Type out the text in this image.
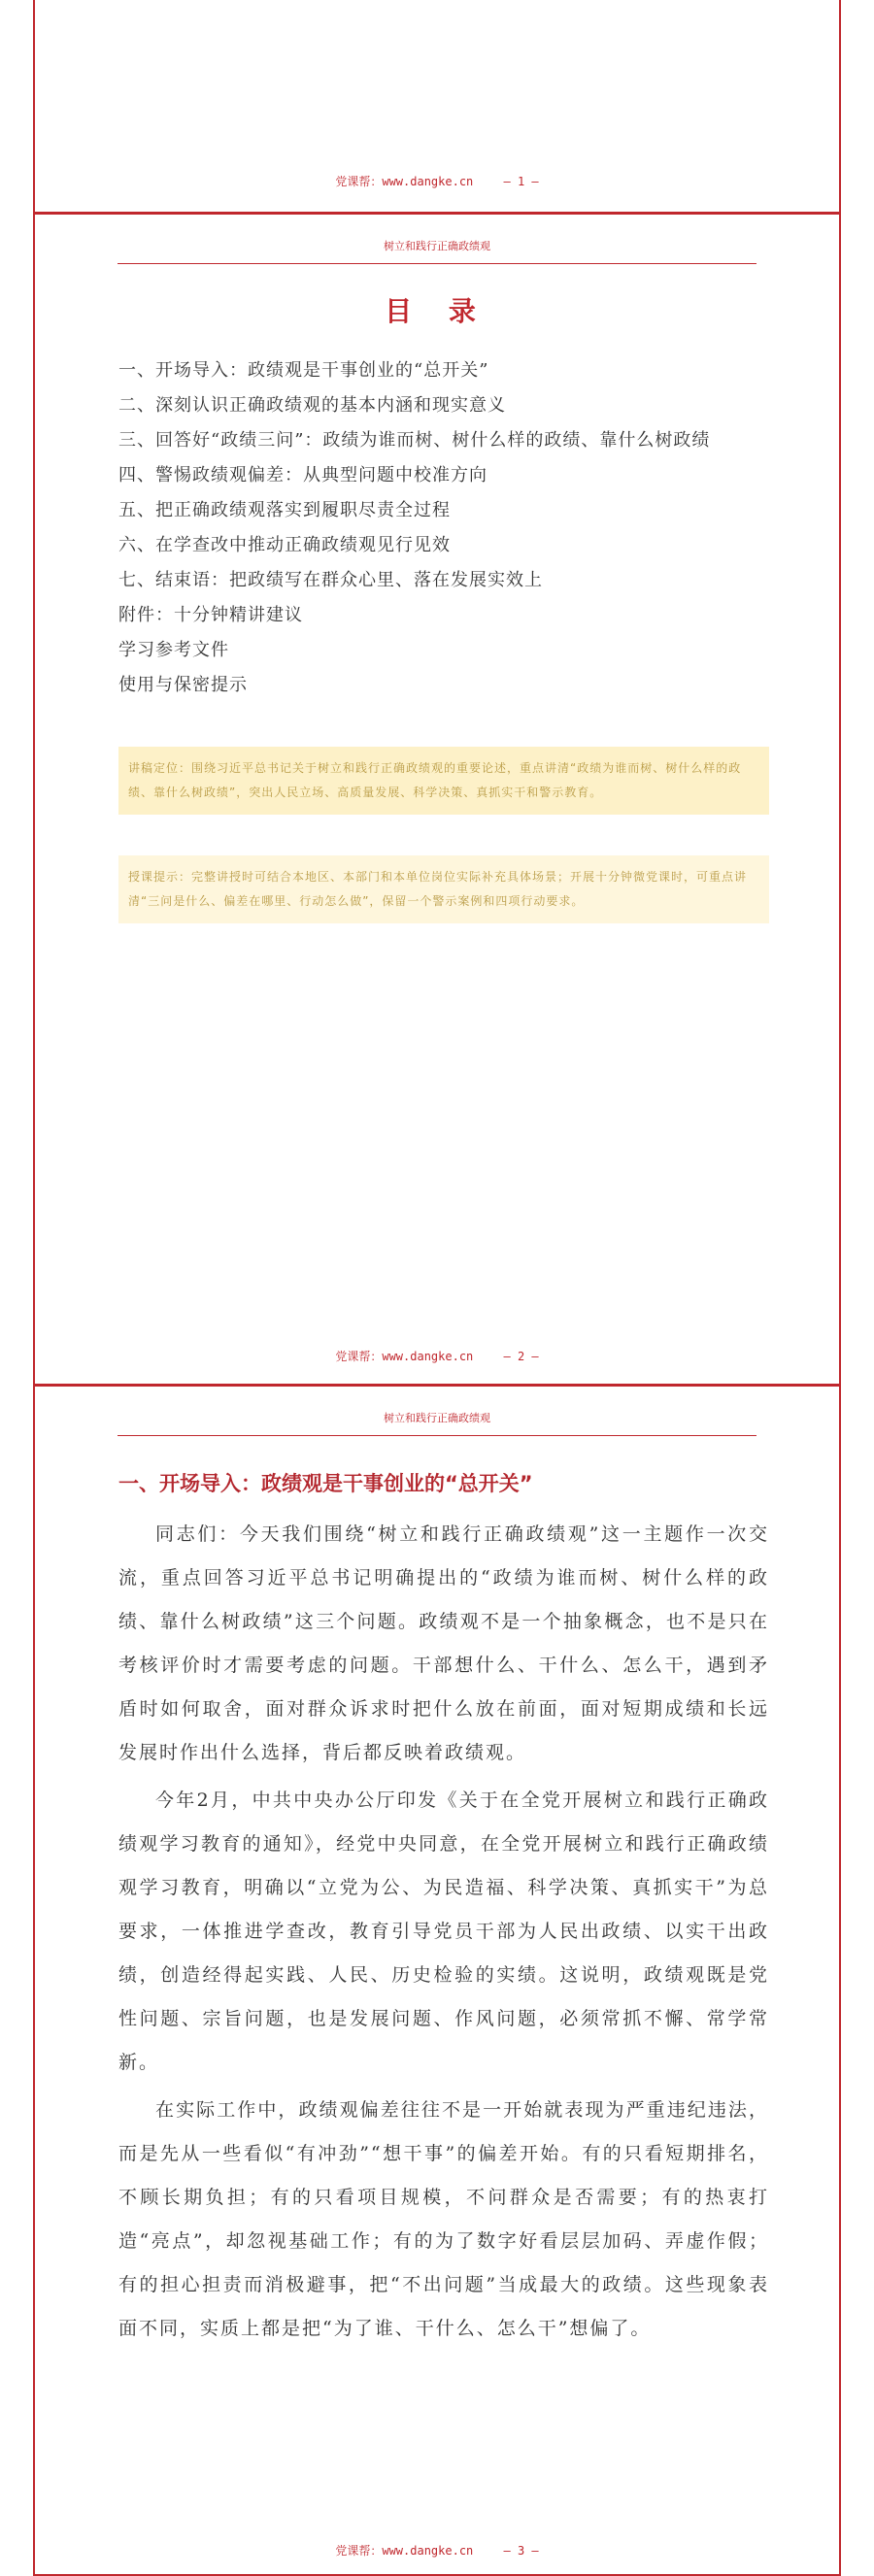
党课帮：www.dangke.cn	— 1 —
树立和践行正确政绩观
目 录
一、开场导入：政绩观是干事创业的“总开关”
二、深刻认识正确政绩观的基本内涵和现实意义
三、回答好“政绩三问”：政绩为谁而树、树什么样的政绩、靠什么树政绩
四、警惕政绩观偏差：从典型问题中校准方向
五、把正确政绩观落实到履职尽责全过程
六、在学查改中推动正确政绩观见行见效
七、结束语：把政绩写在群众心里、落在发展实效上
附件：十分钟精讲建议
学习参考文件
使用与保密提示
讲稿定位：围绕习近平总书记关于树立和践行正确政绩观的重要论述，重点讲清“政绩为谁而树、树什么样的政绩、靠什么树政绩”，突出人民立场、高质量发展、科学决策、真抓实干和警示教育。
授课提示：完整讲授时可结合本地区、本部门和本单位岗位实际补充具体场景；开展十分钟微党课时，可重点讲清“三问是什么、偏差在哪里、行动怎么做”，保留一个警示案例和四项行动要求。
党课帮：www.dangke.cn	— 2 —
树立和践行正确政绩观
一、开场导入：政绩观是干事创业的“总开关”

同志们：今天我们围绕“树立和践行正确政绩观”这一主题作一次交流，重点回答习近平总书记明确提出的“政绩为谁而树、树什么样的政绩、靠什么树政绩”这三个问题。政绩观不是一个抽象概念，也不是只在考核评价时才需要考虑的问题。干部想什么、干什么、怎么干，遇到矛盾时如何取舍，面对群众诉求时把什么放在前面，面对短期成绩和长远发展时作出什么选择，背后都反映着政绩观。

今年2月，中共中央办公厅印发《关于在全党开展树立和践行正确政绩观学习教育的通知》，经党中央同意，在全党开展树立和践行正确政绩观学习教育，明确以“立党为公、为民造福、科学决策、真抓实干”为总要求，一体推进学查改，教育引导党员干部为人民出政绩、以实干出政绩，创造经得起实践、人民、历史检验的实绩。这说明，政绩观既是党性问题、宗旨问题，也是发展问题、作风问题，必须常抓不懈、常学常新。

在实际工作中，政绩观偏差往往不是一开始就表现为严重违纪违法，而是先从一些看似“有冲劲”“想干事”的偏差开始。有的只看短期排名，不顾长期负担；有的只看项目规模，不问群众是否需要；有的热衷打造“亮点”，却忽视基础工作；有的为了数字好看层层加码、弄虚作假；有的担心担责而消极避事，把“不出问题”当成最大的政绩。这些现象表面不同，实质上都是把“为了谁、干什么、怎么干”想偏了。

党课帮：www.dangke.cn	— 3 —
